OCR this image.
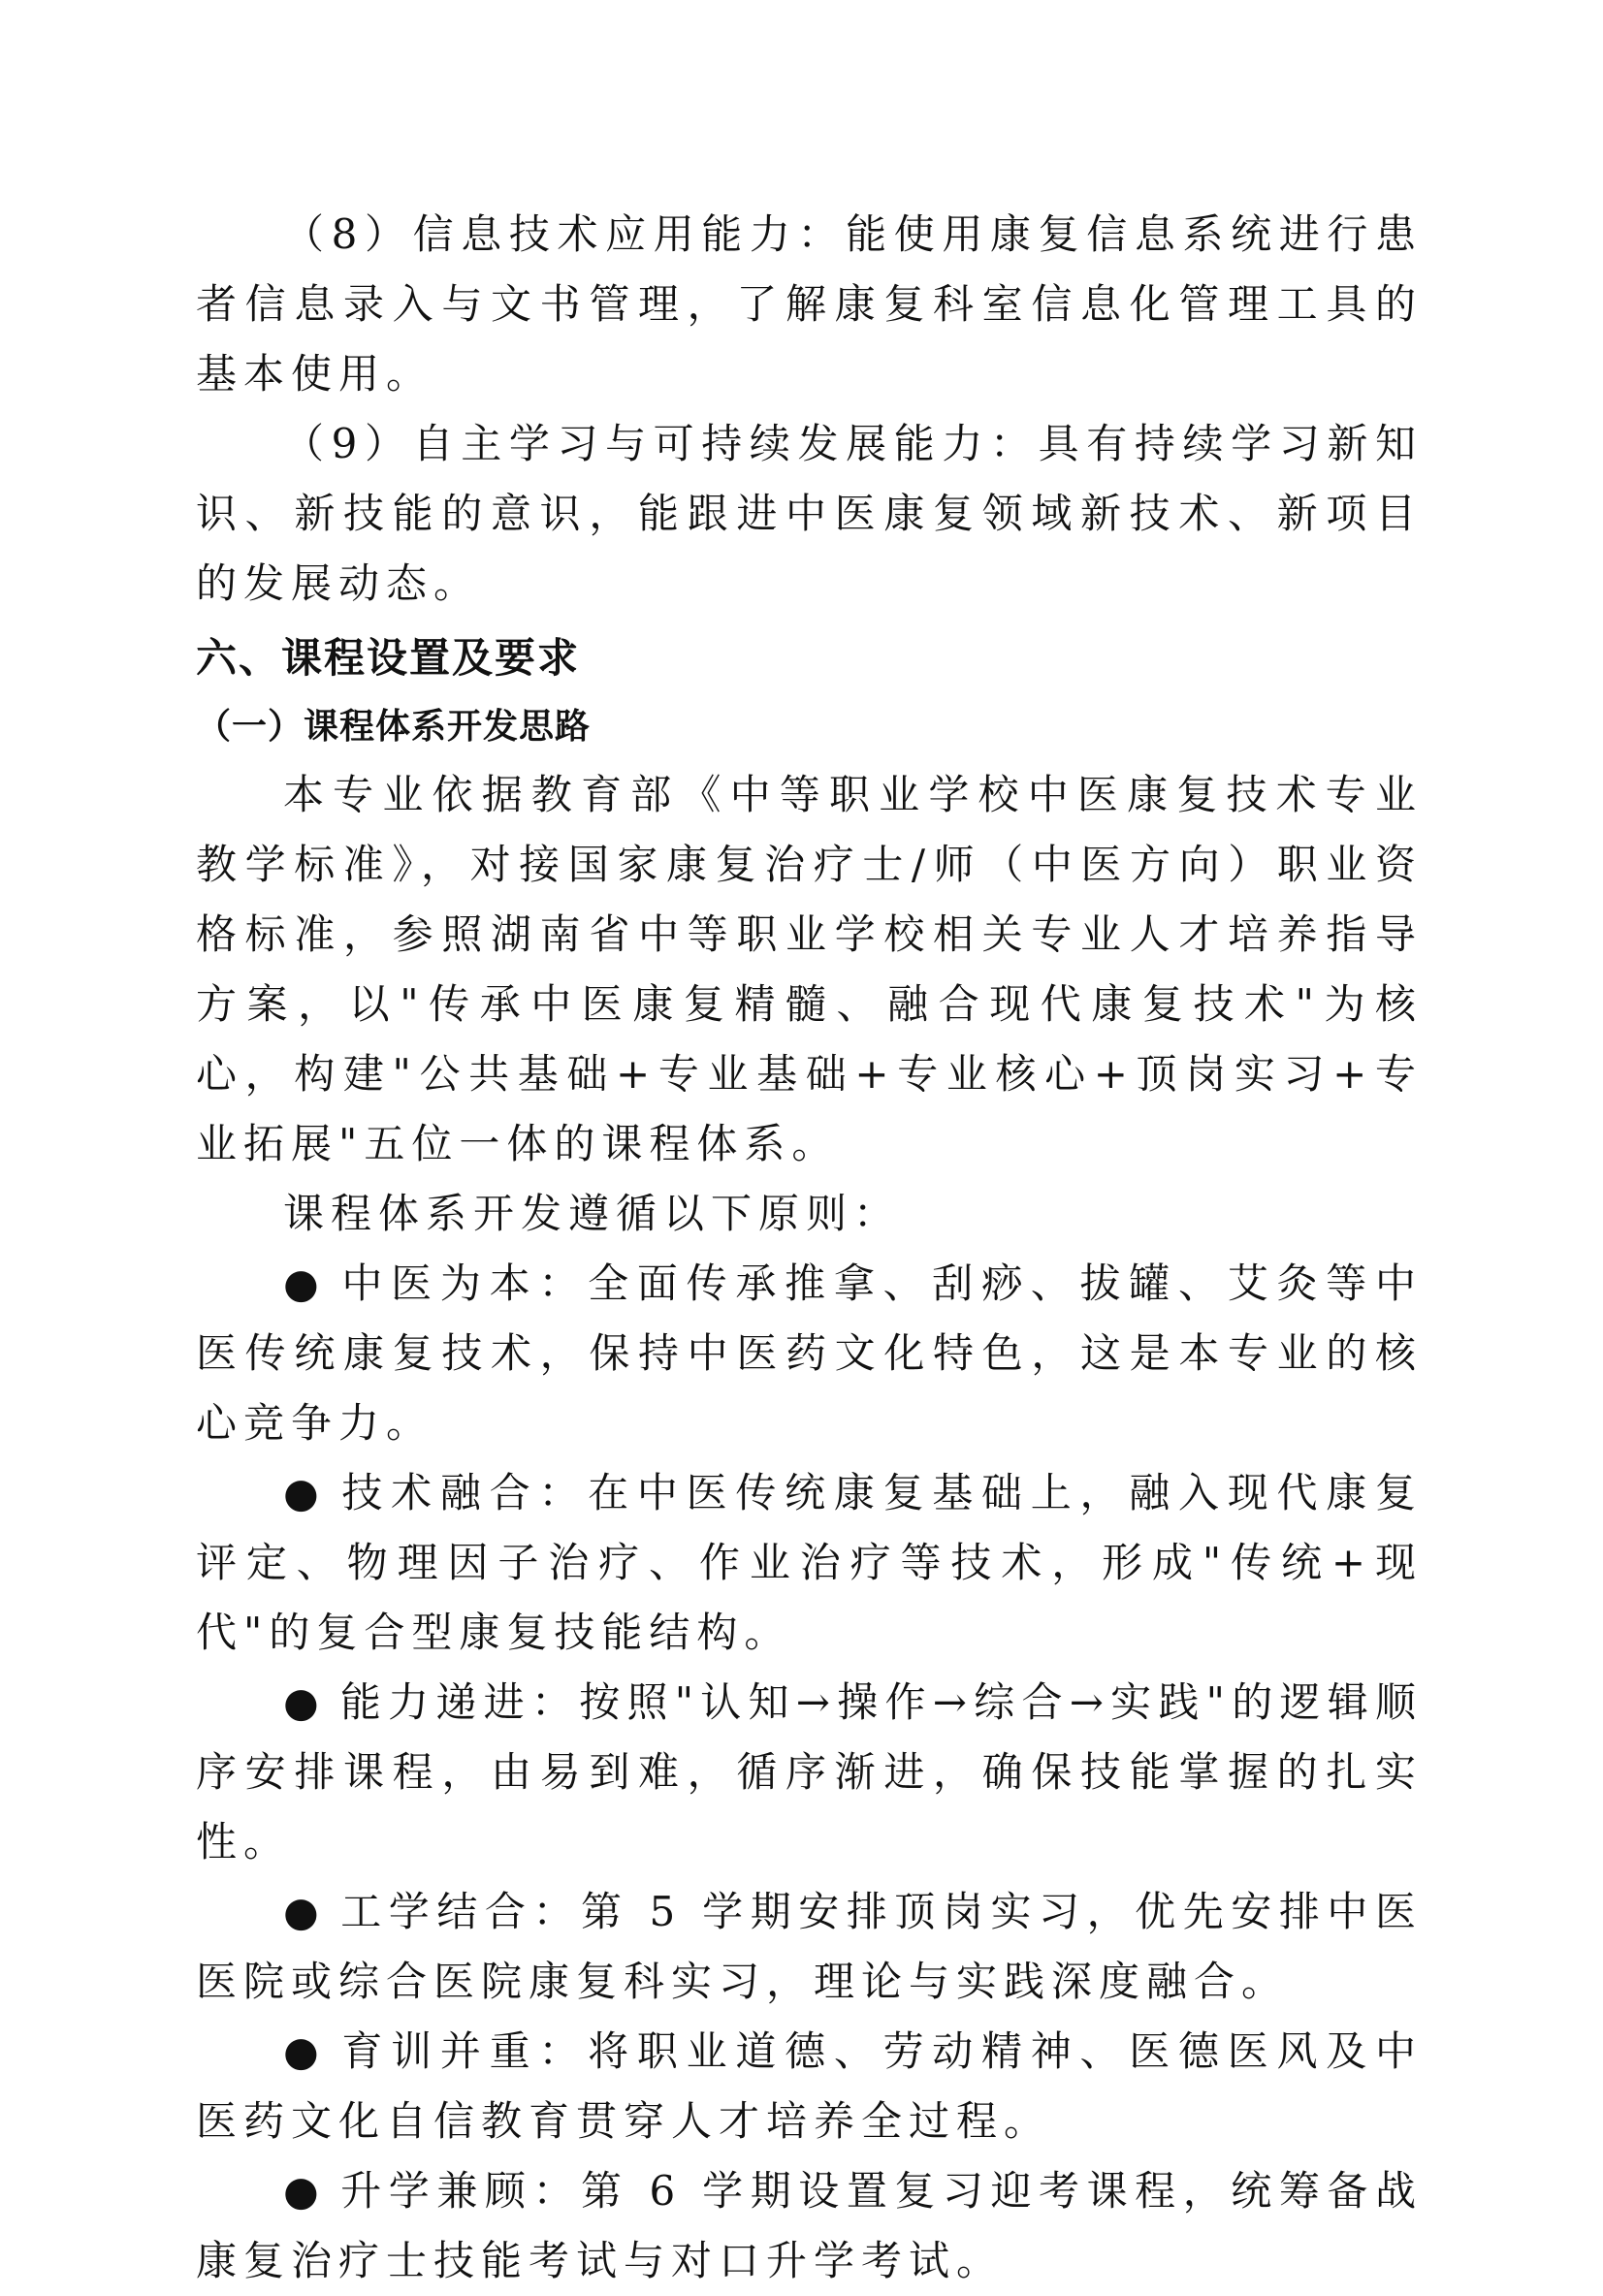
（8）信息技术应用能力：能使用康复信息系统进行患者信息录入与文书管理，了解康复科室信息化管理工具的基本使用。

（9）自主学习与可持续发展能力：具有持续学习新知识、新技能的意识，能跟进中医康复领域新技术、新项目的发展动态。

六、课程设置及要求
（一）课程体系开发思路

本专业依据教育部《中等职业学校中医康复技术专业教学标准》，对接国家康复治疗士/师（中医方向）职业资格标准，参照湖南省中等职业学校相关专业人才培养指导方案，以"传承中医康复精髓、融合现代康复技术"为核心，构建"公共基础+专业基础+专业核心+顶岗实习+专业拓展"五位一体的课程体系。

课程体系开发遵循以下原则：

● 中医为本：全面传承推拿、刮痧、拔罐、艾灸等中医传统康复技术，保持中医药文化特色，这是本专业的核心竞争力。

● 技术融合：在中医传统康复基础上，融入现代康复评定、物理因子治疗、作业治疗等技术，形成"传统+现代"的复合型康复技能结构。

● 能力递进：按照"认知→操作→综合→实践"的逻辑顺序安排课程，由易到难，循序渐进，确保技能掌握的扎实性。

● 工学结合：第 5 学期安排顶岗实习，优先安排中医医院或综合医院康复科实习，理论与实践深度融合。

● 育训并重：将职业道德、劳动精神、医德医风及中医药文化自信教育贯穿人才培养全过程。

● 升学兼顾：第 6 学期设置复习迎考课程，统筹备战康复治疗士技能考试与对口升学考试。
